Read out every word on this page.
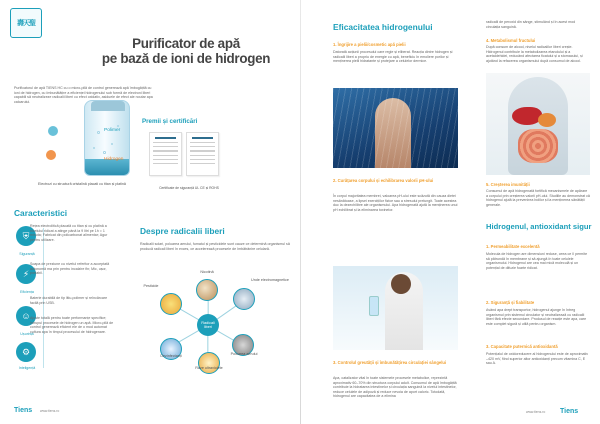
壽天聖
Purificator de apă
pe bază de ioni de hidrogen
Purificatorul de apă TIENS HC cu o micro-pilă de control generează apă îmbogățită cu ioni de hidrogen, cu îmbunătățire a eficienței hidrogenului sub formă de electroni liberi capabili să neutralizeze radicalii liberi cu efect oxidativ, asiduele de efect ale noutar apa calcarului.
Polimer
Hidrogen
Electrozi cu structură cristalină placati cu titan și platină
Premii și certificări
Certificate de siguranță UL CE și ROHS
Caracteristici
⛨
Siguranță
Rețea electrolitică placată cu titan și cu platină a nivelului ridicat a atinge până la 9 litri pe 1h = 1 minuta; Fabricat din policarbonat alimentar; Agur pentru utilizare.
⚡
Eficiența
Soapa de preziune cu nivelul referitor a acceptată autonomă ma prin pentru incalzire fin; Mic, ușor, portabil.
☺
Ușurință
Baterie durabilă de tip litiu-polimer și reîncărcare facilă prin USB.
⚙
Inteligență
Ajuste totală pentru toate performanțe specifice; întrupul procesele de hidrogen un apă. Micro-pilă de control generează eficient ele de o mod automat cultura apa în timpul procesului de hidrogenare.
Despre radicalii liberi
Radicalii solari, poluarea aerului, fumatul și pesticidele sunt cauze ce determină organismul să producă radicali liberi în exces, ce accelerează procesele de îmbătrânire celulară.
Radicali liberi
Nicotină
Unde electromagnetice
Pesticide
Dezinfectanți
Raze ultraviolete
Poluarea aerului
Tiens www.tiens.ro
Eficacitatea hidrogenului
1. Îngrijire a pielii/cosmetic apă pielii
Datorată acțiunii procesului care regle și eliberat. Reacția dintre hidrogen și radicalii liberi a propriu de energie cu apă, beneficiu în emoliere porilor și menținerea pielii hidratante și protejare a celulelor dermice.
2. Curățarea corpului și echilibrarea valorii pH-ului
În corpul majoritatea membrei, valoarea pH-ului este scăzută din cauza dietei nesănătoase, a lipsei exercițiilor fizice sau a stresului prelungit. Toate acestea duc la dezechilibre ale organismului. Apa hidrogenată ajută la menținerea unui pH echilibrat și la eliminarea toxinelor.
3. Controlul greutății și îmbunătățirea circulației sângelui
Apa, catalizator vital în toate sistemele procesele metabolice, reprezintă aproximativ 60–70% din structura corpului adult. Consumul de apă îmbogățită contribuie la hidratarea intestinelor și circulația sanguină la nivelul intestinelor, reduce celulele de adipoză și reduce nevoia de aport caloric. Totodată, hidrogenul are capacitatea de a elimina
radicalii de peroxid din sânge, stimulând și în acest mod circulația sanguină.
4. Metabolismul fructului
După consum de alcool, nivelul radicalilor liberi crește. Hidrogenul contribuie la metabolizarea etanolului și a acetaldehidei, reducând afectarea ficatului și a stomacului, și ajutând la refacerea organismului după consumul de alcool.
5. Creșterea imunității
Consumul de apă hidrogenată fortifică mecanismele de apărare a corpului prin creșterea valorii pH-ului. Studiile au demonstrat că hidrogenul ajută la prevenirea bolilor și la menținerea sănătății generale.
Hidrogenul, antioxidant sigur
1. Permeabilitate excelentă
Molecula de hidrogen are dimensiuni reduse, ceea ce îi permite să pătrundă în membrane și să ajungă în toate celulele organismului. Hidrogenul are cea mai mică moleculă și un potențial de difuzie foarte ridicat.
2. Siguranță și fiabilitate
Având apa drept transportor, hidrogenul ajunge în întreg organismul prin sistemul circulator și neutralizează cu radicalii liberi fără efecte secundare. Produsul de reacție este apa, care este complet sigură și utilă pentru organism.
3. Capacitate puternică antioxidantă
Potențialul de oxidoreducere al hidrogenului este de aproximativ –420 mV, fiind superior altor antioxidanți precum vitamina C, E sau A.
www.tiens.ro Tiens
